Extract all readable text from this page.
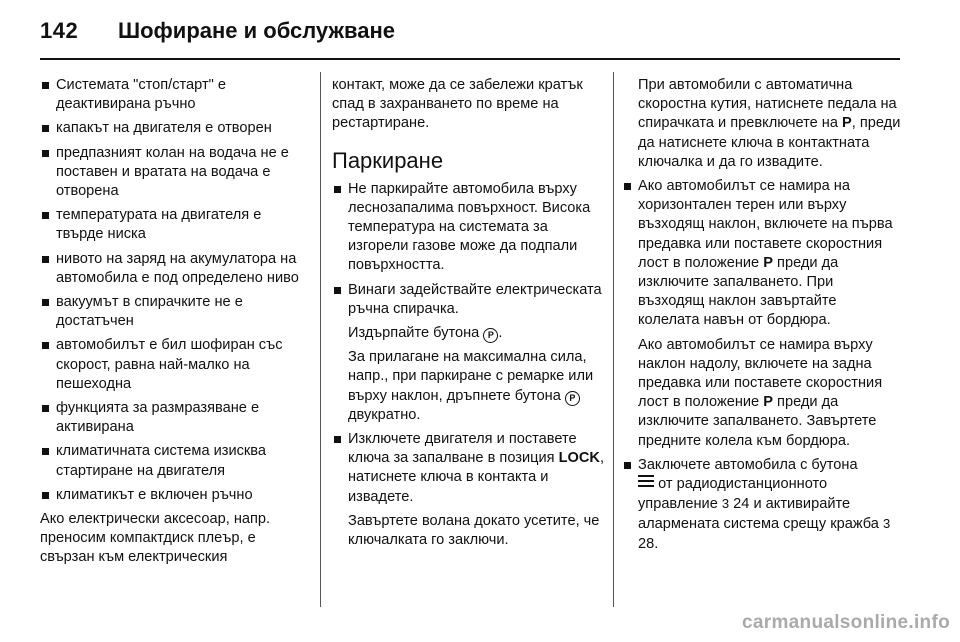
142 Шофиране и обслужване
Системата "стоп/старт" е деактивирана ръчно
капакът на двигателя е отворен
предпазният колан на водача не е поставен и вратата на водача е отворена
температурата на двигателя е твърде ниска
нивото на заряд на акумулатора на автомобила е под определено ниво
вакуумът в спирачките не е достатъчен
автомобилът е бил шофиран със скорост, равна най-малко на пешеходна
функцията за размразяване е активирана
климатичната система изисква стартиране на двигателя
климатикът е включен ръчно
Ако електрически аксесоар, напр. преносим компактдиск плеър, е свързан към електрическия
контакт, може да се забележи кратък спад в захранването по време на рестартиране.
Паркиране
Не паркирайте автомобила върху леснозапалима повърхност. Висока температура на системата за изгорели газове може да подпали повърхността.
Винаги задействайте електрическата ръчна спирачка.
Издърпайте бутона P .
За прилагане на максимална сила, напр., при паркиране с ремарке или върху наклон, дръпнете бутона P двукратно.
Изключете двигателя и поставете ключа за запалване в позиция LOCK, натиснете ключа в контакта и извадете.
Завъртете волана докато усетите, че ключалката го заключи.
При автомобили с автоматична скоростна кутия, натиснете педала на спирачката и превключете на P, преди да натиснете ключа в контактната ключалка и да го извадите.
Ако автомобилът се намира на хоризонтален терен или върху възходящ наклон, включете на първа предавка или поставете скоростния лост в положение P преди да изключите запалването. При възходящ наклон завъртайте колелата навън от бордюра.
Ако автомобилът се намира върху наклон надолу, включете на задна предавка или поставете скоростния лост в положение P преди да изключите запалването. Завъртете предните колела към бордюра.
Заключете автомобила с бутона
от радиодистанционното управление 3 24 и активирайте алармената система срещу кражба 3 28.
carmanualsonline.info
